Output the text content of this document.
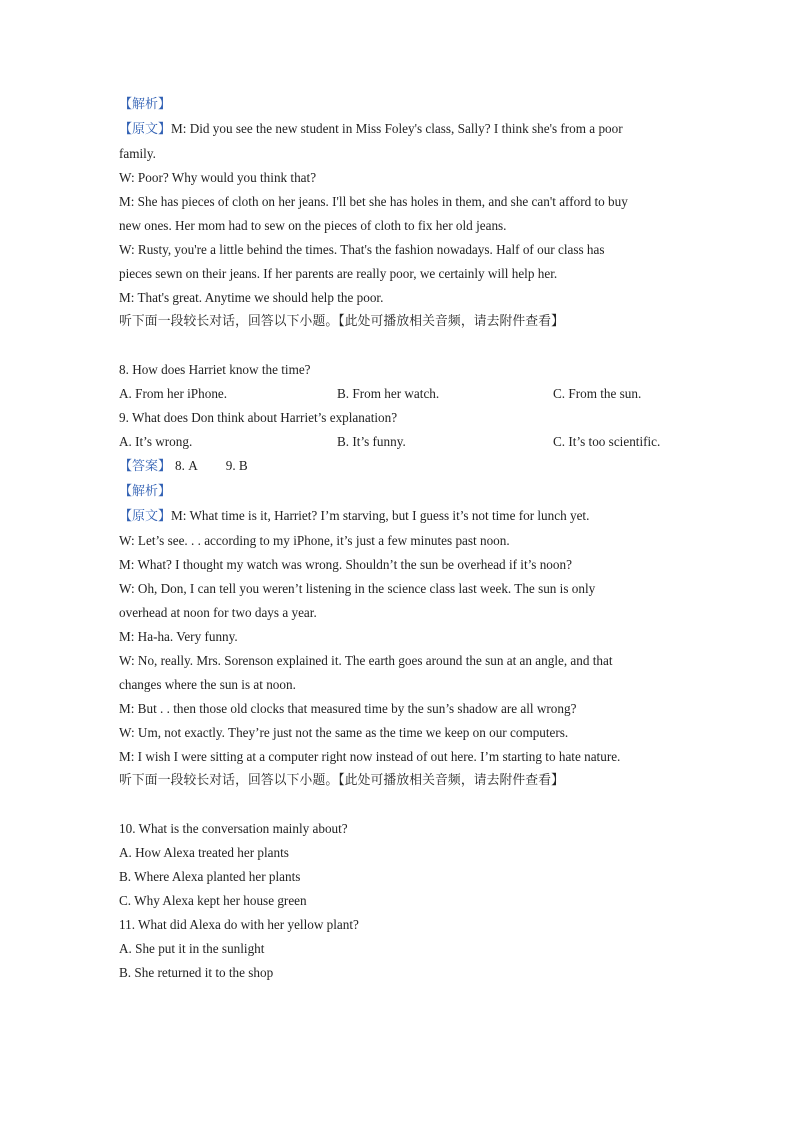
【解析】
【原文】M: Did you see the new student in Miss Foley's class, Sally? I think she's from a poor
family.
W: Poor? Why would you think that?
M: She has pieces of cloth on her jeans. I'll bet she has holes in them, and she can't afford to buy
new ones. Her mom had to sew on the pieces of cloth to fix her old jeans.
W: Rusty, you're a little behind the times. That's the fashion nowadays. Half of our class has
pieces sewn on their jeans. If her parents are really poor, we certainly will help her.
M: That's great. Anytime we should help the poor.
听下面一段较长对话，回答以下小题。【此处可播放相关音频，请去附件查看】
8. How does Harriet know the time?
A. From her iPhone.	B. From her watch.	C. From the sun.
9. What does Don think about Harriet’s explanation?
A. It’s wrong.	B. It’s funny.	C. It’s too scientific.
【答案】 8. A 9. B
【解析】
【原文】M: What time is it, Harriet? I’m starving, but I guess it’s not time for lunch yet.
W: Let’s see. . . according to my iPhone, it’s just a few minutes past noon.
M: What? I thought my watch was wrong. Shouldn’t the sun be overhead if it’s noon?
W: Oh, Don, I can tell you weren’t listening in the science class last week. The sun is only
overhead at noon for two days a year.
M: Ha-ha. Very funny.
W: No, really. Mrs. Sorenson explained it. The earth goes around the sun at an angle, and that
changes where the sun is at noon.
M: But . . then those old clocks that measured time by the sun’s shadow are all wrong?
W: Um, not exactly. They’re just not the same as the time we keep on our computers.
M: I wish I were sitting at a computer right now instead of out here. I’m starting to hate nature.
听下面一段较长对话，回答以下小题。【此处可播放相关音频，请去附件查看】
10. What is the conversation mainly about?
A. How Alexa treated her plants
B. Where Alexa planted her plants
C. Why Alexa kept her house green
11. What did Alexa do with her yellow plant?
A. She put it in the sunlight
B. She returned it to the shop
